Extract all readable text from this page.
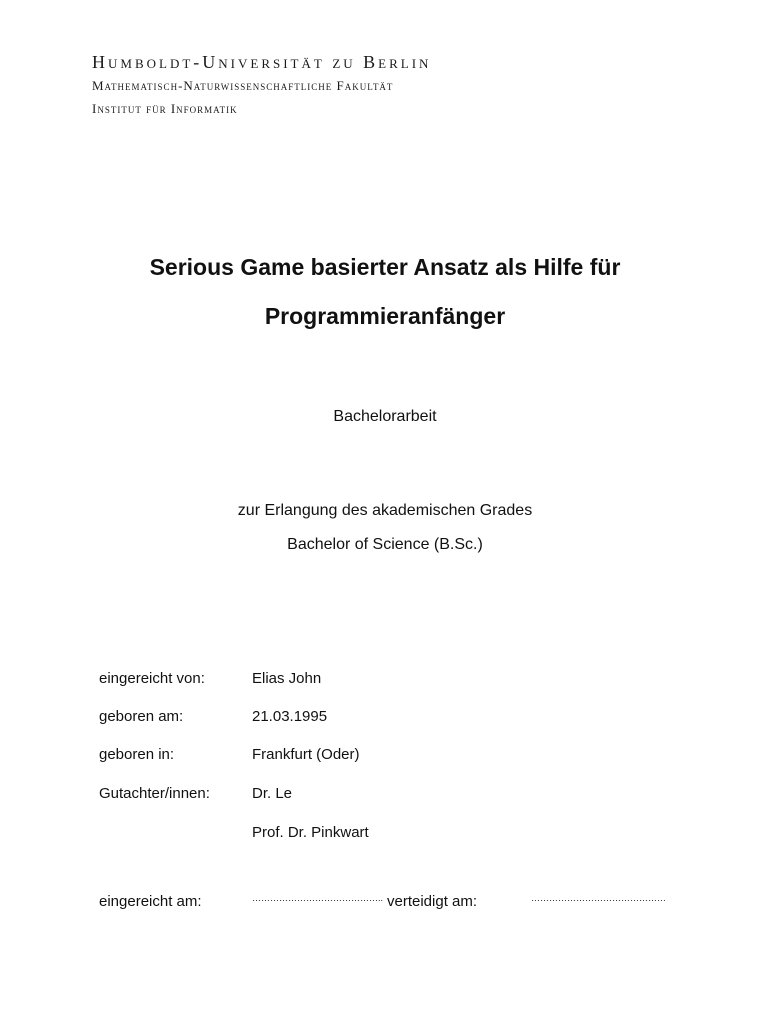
Humboldt-Universität zu Berlin
Mathematisch-Naturwissenschaftliche Fakultät
Institut für Informatik
Serious Game basierter Ansatz als Hilfe für
Programmieranfänger
Bachelorarbeit
zur Erlangung des akademischen Grades
Bachelor of Science (B.Sc.)
eingereicht von:	Elias John
geboren am:	21.03.1995
geboren in:	Frankfurt (Oder)
Gutachter/innen:	Dr. Le
Prof. Dr. Pinkwart
eingereicht am:	…………………………………….. verteidigt am:	………………………………………
